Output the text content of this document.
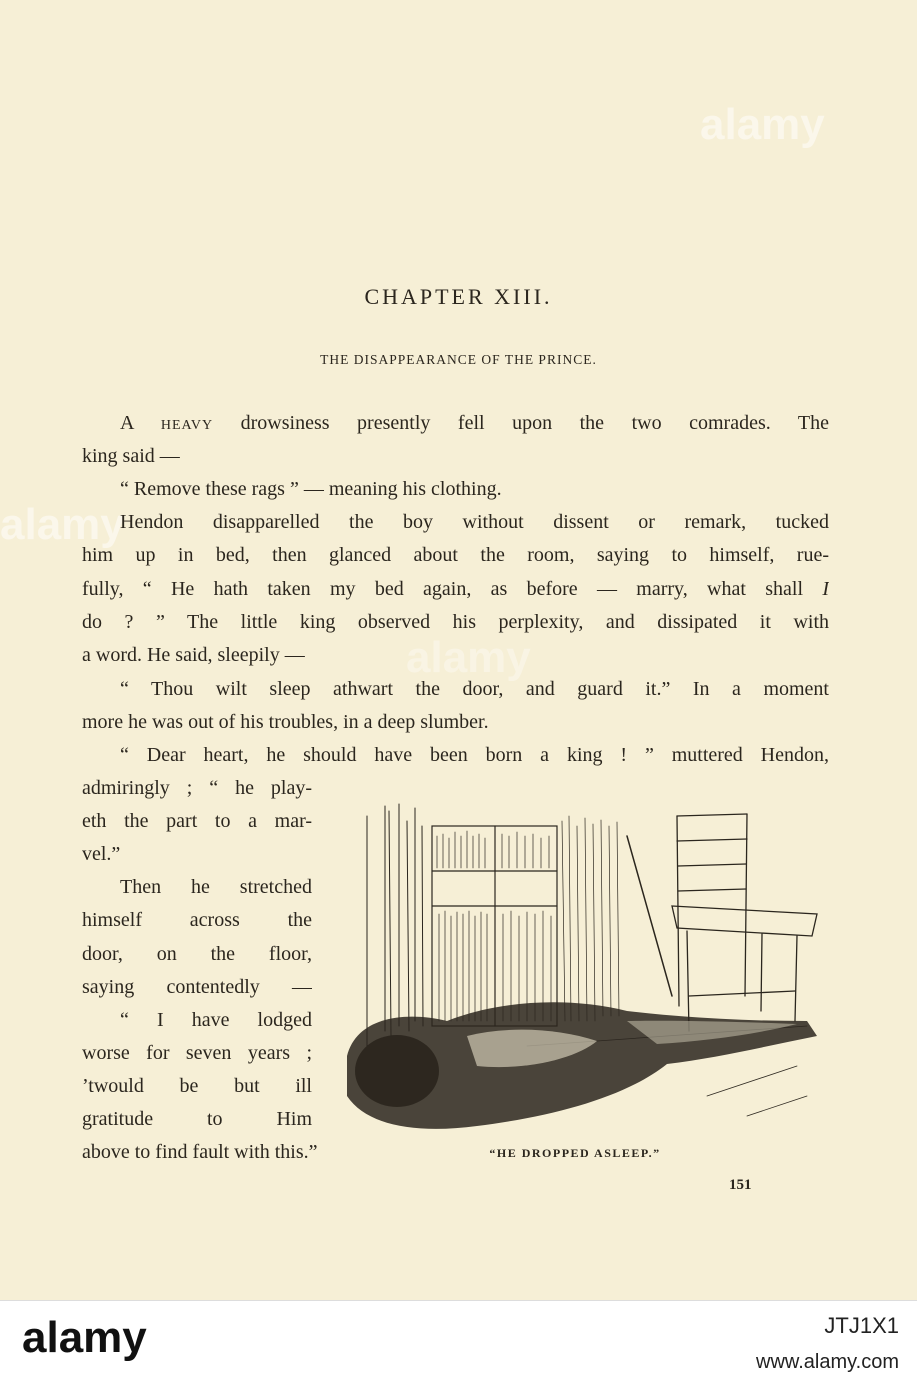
alamy
alamy
alamy
CHAPTER XIII.
THE DISAPPEARANCE OF THE PRINCE.
A heavy drowsiness presently fell upon the two comrades. The
king said —
“ Remove these rags ” — meaning his clothing.
Hendon disapparelled the boy without dissent or remark, tucked
him up in bed, then glanced about the room, saying to himself, rue-
fully, “ He hath taken my bed again, as before — marry, what shall I
do ? ” The little king observed his perplexity, and dissipated it with
a word. He said, sleepily —
“ Thou wilt sleep athwart the door, and guard it.” In a moment
more he was out of his troubles, in a deep slumber.
“ Dear heart, he should have been born a king ! ” muttered Hendon,
admiringly ; “ he play-
eth the part to a mar-
vel.”
Then he stretched
himself across the
door, on the floor,
saying contentedly —
“ I have lodged
worse for seven years ;
’twould be but ill
gratitude to Him
above to find fault with this.”	“HE DROPPED ASLEEP.”
151
alamy	JTJ1X1
www.alamy.com
